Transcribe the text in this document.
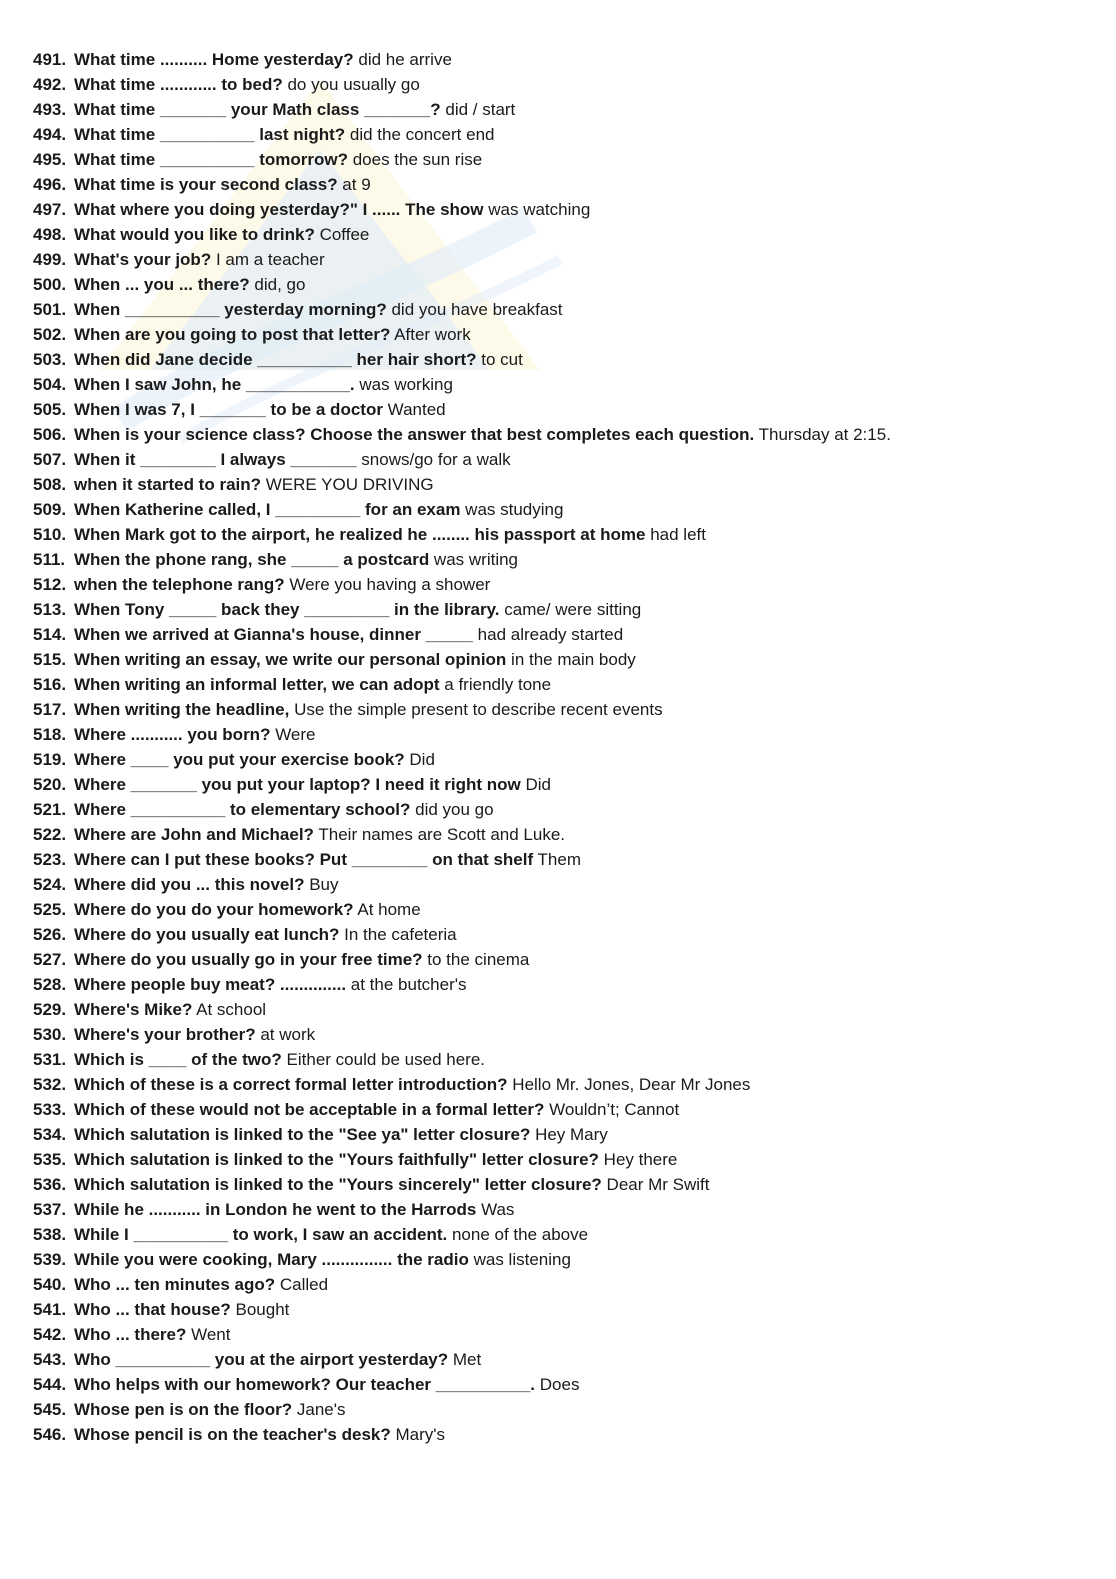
491. What time .......... Home yesterday? did he arrive
492. What time ............ to bed? do you usually go
493. What time _______ your Math class _______? did / start
494. What time __________ last night? did the concert end
495. What time __________ tomorrow? does the sun rise
496. What time is your second class? at 9
497. What where you doing yesterday?" I ...... The show was watching
498. What would you like to drink? Coffee
499. What's your job? I am a teacher
500. When ... you ... there? did, go
501. When __________ yesterday morning? did you have breakfast
502. When are you going to post that letter? After work
503. When did Jane decide __________ her hair short? to cut
504. When I saw John, he ___________. was working
505. When I was 7, I _______ to be a doctor Wanted
506. When is your science class? Choose the answer that best completes each question. Thursday at 2:15.
507. When it ________ I always _______ snows/go for a walk
508. when it started to rain? WERE YOU DRIVING
509. When Katherine called, I _________ for an exam was studying
510. When Mark got to the airport, he realized he ........ his passport at home had left
511. When the phone rang, she _____ a postcard was writing
512. when the telephone rang? Were you having a shower
513. When Tony _____ back they _________ in the library. came/ were sitting
514. When we arrived at Gianna's house, dinner _____ had already started
515. When writing an essay, we write our personal opinion in the main body
516. When writing an informal letter, we can adopt a friendly tone
517. When writing the headline, Use the simple present to describe recent events
518. Where ........... you born? Were
519. Where ____ you put your exercise book? Did
520. Where _______ you put your laptop? I need it right now Did
521. Where __________ to elementary school? did you go
522. Where are John and Michael? Their names are Scott and Luke.
523. Where can I put these books? Put ________ on that shelf Them
524. Where did you ... this novel? Buy
525. Where do you do your homework? At home
526. Where do you usually eat lunch? In the cafeteria
527. Where do you usually go in your free time? to the cinema
528. Where people buy meat? .............. at the butcher's
529. Where's Mike? At school
530. Where's your brother? at work
531. Which is ____ of the two? Either could be used here.
532. Which of these is a correct formal letter introduction? Hello Mr. Jones, Dear Mr Jones
533. Which of these would not be acceptable in a formal letter? Wouldn’t; Cannot
534. Which salutation is linked to the "See ya" letter closure? Hey Mary
535. Which salutation is linked to the "Yours faithfully" letter closure? Hey there
536. Which salutation is linked to the "Yours sincerely" letter closure? Dear Mr Swift
537. While he ........... in London he went to the Harrods Was
538. While I __________ to work, I saw an accident. none of the above
539. While you were cooking, Mary ............... the radio was listening
540. Who ... ten minutes ago? Called
541. Who ... that house? Bought
542. Who ... there? Went
543. Who __________ you at the airport yesterday? Met
544. Who helps with our homework? Our teacher __________. Does
545. Whose pen is on the floor? Jane's
546. Whose pencil is on the teacher's desk? Mary's
